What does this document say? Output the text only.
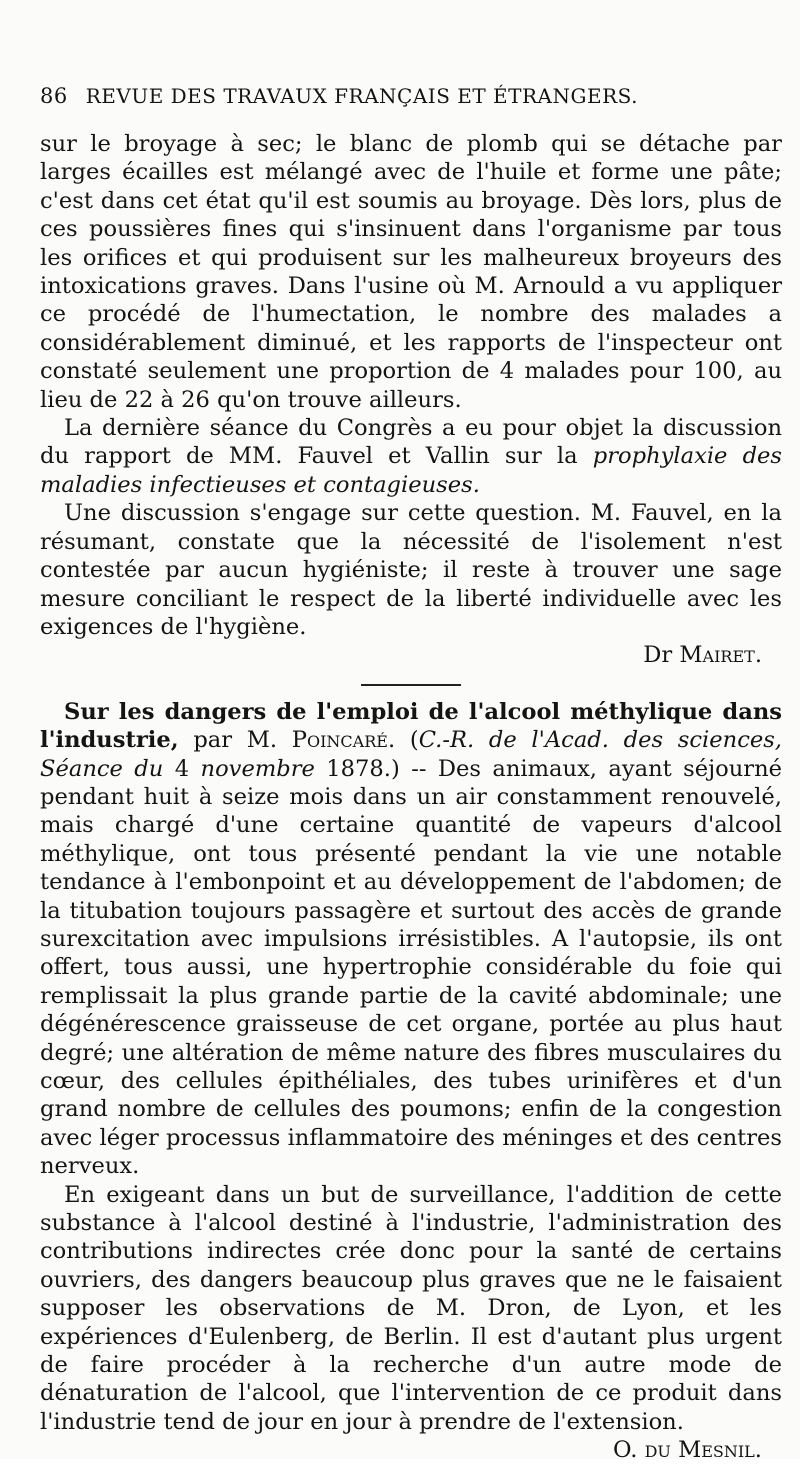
86 REVUE DES TRAVAUX FRANÇAIS ET ÉTRANGERS.

sur le broyage à sec; le blanc de plomb qui se détache par larges écailles est mélangé avec de l'huile et forme une pâte; c'est dans cet état qu'il est soumis au broyage. Dès lors, plus de ces poussières fines qui s'insinuent dans l'organisme par tous les orifices et qui produisent sur les malheureux broyeurs des intoxications graves. Dans l'usine où M. Arnould a vu appliquer ce procédé de l'humectation, le nombre des malades a considérablement diminué, et les rapports de l'inspecteur ont constaté seulement une proportion de 4 malades pour 100, au lieu de 22 à 26 qu'on trouve ailleurs.

La dernière séance du Congrès a eu pour objet la discussion du rapport de MM. Fauvel et Vallin sur la prophylaxie des maladies infectieuses et contagieuses.

Une discussion s'engage sur cette question. M. Fauvel, en la résumant, constate que la nécessité de l'isolement n'est contestée par aucun hygiéniste; il reste à trouver une sage mesure conciliant le respect de la liberté individuelle avec les exigences de l'hygiène.

Dr Mairet.

Sur les dangers de l'emploi de l'alcool méthylique dans l'industrie, par M. Poincaré. (C.-R. de l'Acad. des sciences, Séance du 4 novembre 1878.) -- Des animaux, ayant séjourné pendant huit à seize mois dans un air constamment renouvelé, mais chargé d'une certaine quantité de vapeurs d'alcool méthylique, ont tous présenté pendant la vie une notable tendance à l'embonpoint et au développement de l'abdomen; de la titubation toujours passagère et surtout des accès de grande surexcitation avec impulsions irrésistibles. A l'autopsie, ils ont offert, tous aussi, une hypertrophie considérable du foie qui remplissait la plus grande partie de la cavité abdominale; une dégénérescence graisseuse de cet organe, portée au plus haut degré; une altération de même nature des fibres musculaires du cœur, des cellules épithéliales, des tubes urinifères et d'un grand nombre de cellules des poumons; enfin de la congestion avec léger processus inflammatoire des méninges et des centres nerveux.

En exigeant dans un but de surveillance, l'addition de cette substance à l'alcool destiné à l'industrie, l'administration des contributions indirectes crée donc pour la santé de certains ouvriers, des dangers beaucoup plus graves que ne le faisaient supposer les observations de M. Dron, de Lyon, et les expériences d'Eulenberg, de Berlin. Il est d'autant plus urgent de faire procéder à la recherche d'un autre mode de dénaturation de l'alcool, que l'intervention de ce produit dans l'industrie tend de jour en jour à prendre de l'extension.

O. du Mesnil.
